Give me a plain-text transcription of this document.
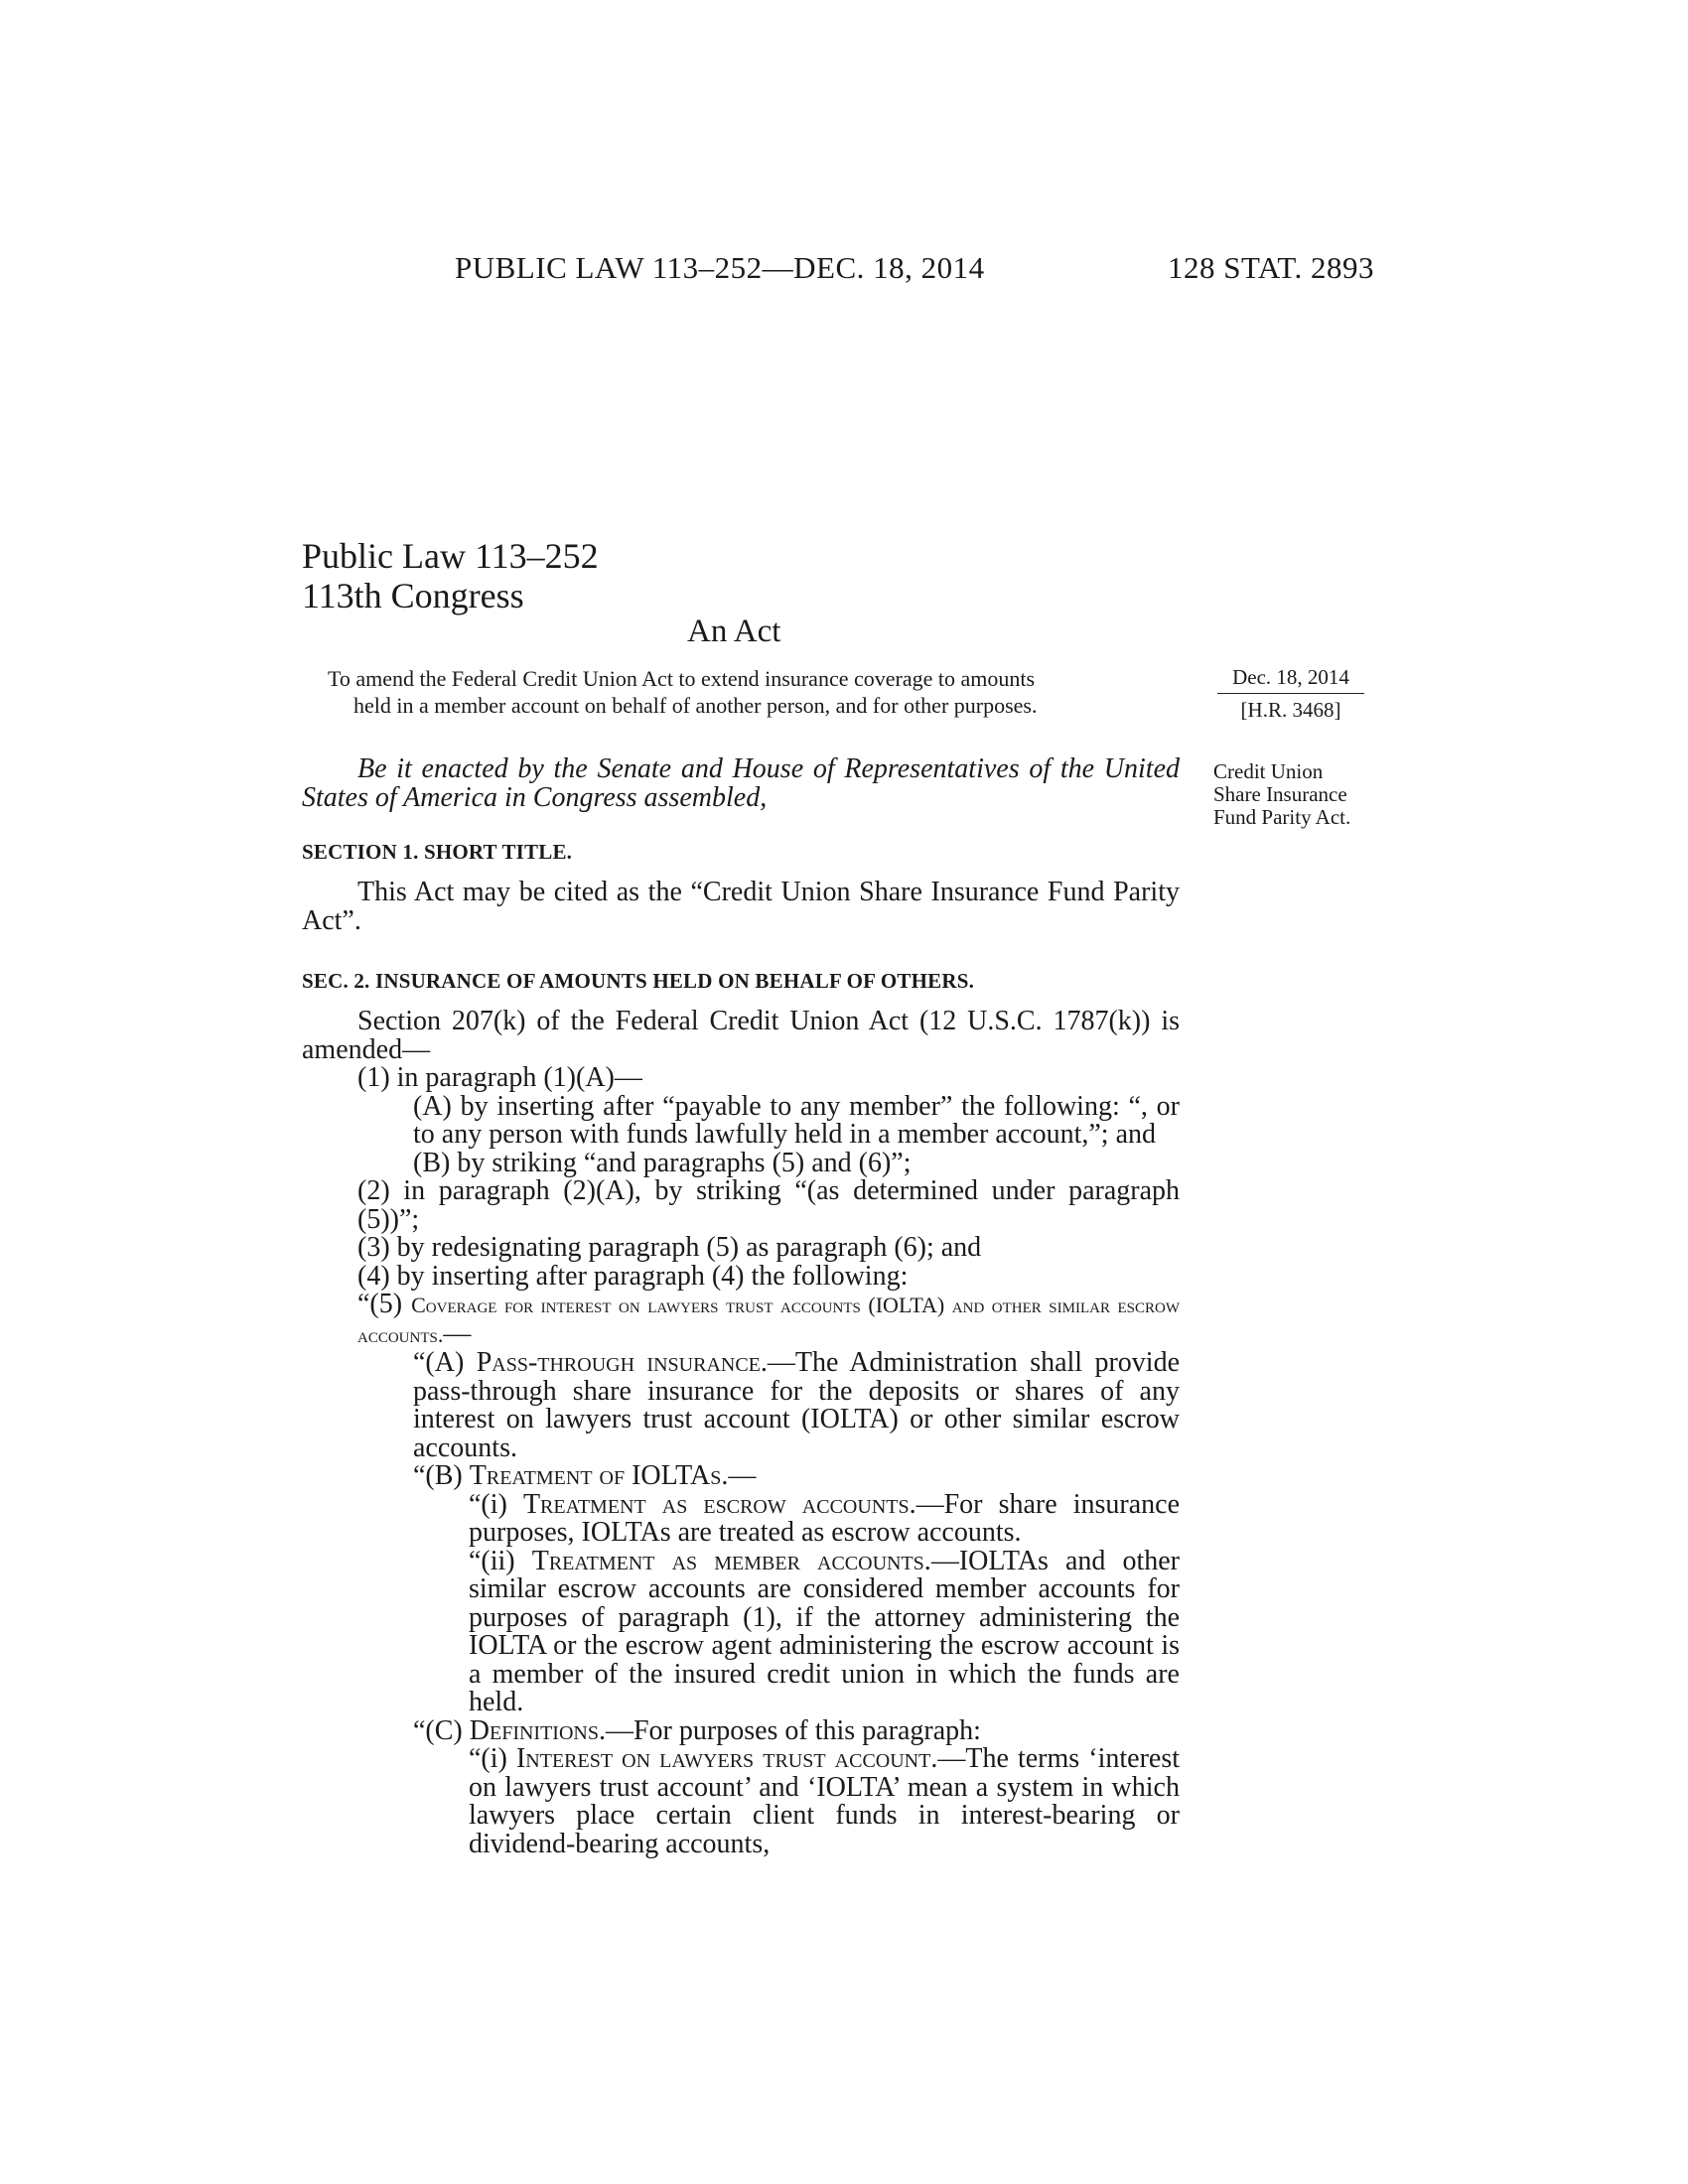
PUBLIC LAW 113–252—DEC. 18, 2014	128 STAT. 2893
Public Law 113–252
113th Congress
An Act
Dec. 18, 2014
[H.R. 3468]
Credit Union
Share Insurance
Fund Parity Act.
To amend the Federal Credit Union Act to extend insurance coverage to amounts
held in a member account on behalf of another person, and for other purposes.

Be it enacted by the Senate and House of Representatives of the United States of America in Congress assembled,

SECTION 1. SHORT TITLE.

This Act may be cited as the “Credit Union Share Insurance Fund Parity Act”.

SEC. 2. INSURANCE OF AMOUNTS HELD ON BEHALF OF OTHERS.

Section 207(k) of the Federal Credit Union Act (12 U.S.C. 1787(k)) is amended—

(1) in paragraph (1)(A)—

(A) by inserting after “payable to any member” the following: “, or to any person with funds lawfully held in a member account,”; and

(B) by striking “and paragraphs (5) and (6)”;

(2) in paragraph (2)(A), by striking “(as determined under paragraph (5))”;

(3) by redesignating paragraph (5) as paragraph (6); and

(4) by inserting after paragraph (4) the following:

“(5) Coverage for interest on lawyers trust accounts (IOLTA) and other similar escrow accounts.—

“(A) Pass-through insurance.—The Administration shall provide pass-through share insurance for the deposits or shares of any interest on lawyers trust account (IOLTA) or other similar escrow accounts.

“(B) Treatment of IOLTAs.—

“(i) Treatment as escrow accounts.—For share insurance purposes, IOLTAs are treated as escrow accounts.

“(ii) Treatment as member accounts.—IOLTAs and other similar escrow accounts are considered member accounts for purposes of paragraph (1), if the attorney administering the IOLTA or the escrow agent administering the escrow account is a member of the insured credit union in which the funds are held.

“(C) Definitions.—For purposes of this paragraph:

“(i) Interest on lawyers trust account.—The terms ‘interest on lawyers trust account’ and ‘IOLTA’ mean a system in which lawyers place certain client funds in interest-bearing or dividend-bearing accounts,
